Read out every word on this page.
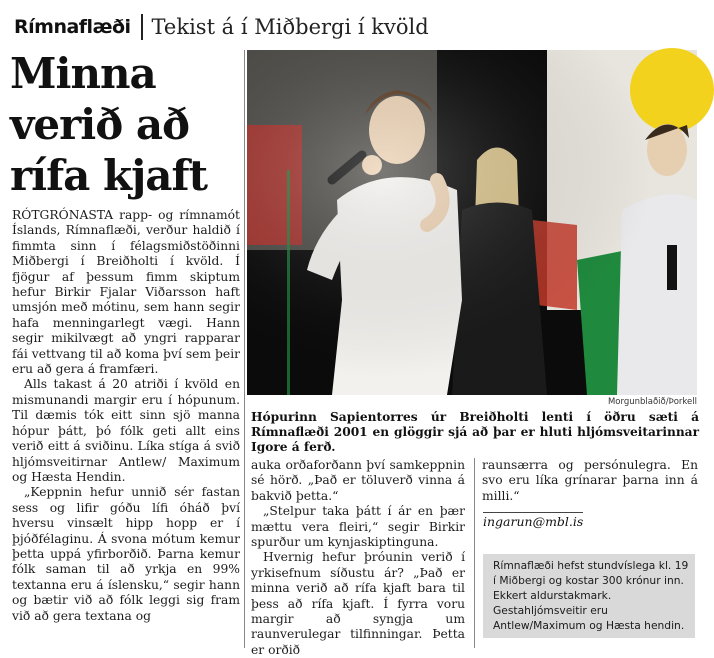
Rímnaflæði Tekist á í Miðbergi í kvöld
Minna verið að rífa kjaft

RÓTGRÓNASTA rapp- og rímnamót Íslands, Rímnaflæði, verður haldið í fimmta sinn í félagsmiðstöðinni Miðbergi í Breiðholti í kvöld. Í fjögur af þessum fimm skiptum hefur Birkir Fjalar Viðarsson haft umsjón með mótinu, sem hann segir hafa menningarlegt vægi. Hann segir mikilvægt að yngri rapparar fái vettvang til að koma því sem þeir eru að gera á framfæri.

Alls takast á 20 atriði í kvöld en mismunandi margir eru í hópunum. Til dæmis tók eitt sinn sjö manna hópur þátt, þó fólk geti allt eins verið eitt á sviðinu. Líka stíga á svið hljómsveitirnar Antlew/ Maximum og Hæsta Hendin.

„Keppnin hefur unnið sér fastan sess og lifir góðu lífi óháð því hversu vinsælt hipp hopp er í þjóðfélaginu. Á svona mótum kemur þetta uppá yfirborðið. Þarna kemur fólk saman til að yrkja en 99% textanna eru á íslensku,“ segir hann og bætir við að fólk leggi sig fram við að gera textana og

Morgunblaðið/Þorkell

Hópurinn Sapientorres úr Breiðholti lenti í öðru sæti á Rímnaflæði 2001 en glöggir sjá að þar er hluti hljómsveitarinnar Igore á ferð.

auka orðaforðann því samkeppnin sé hörð. „Það er töluverð vinna á bakvið þetta.“

„Stelpur taka þátt í ár en þær mættu vera fleiri,“ segir Birkir spurður um kynjaskiptinguna.

Hvernig hefur þróunin verið í yrkisefnum síðustu ár? „Það er minna verið að rífa kjaft bara til þess að rífa kjaft. Í fyrra voru margir að syngja um raunverulegar tilfinningar. Þetta er orðið

raunsærra og persónulegra. En svo eru líka grínarar þarna inn á milli.“

ingarun@mbl.is

Rímnaflæði hefst stundvíslega kl. 19 í Miðbergi og kostar 300 krónur inn. Ekkert aldurstakmark. Gestahljómsveitir eru Antlew/Maximum og Hæsta hendin.
